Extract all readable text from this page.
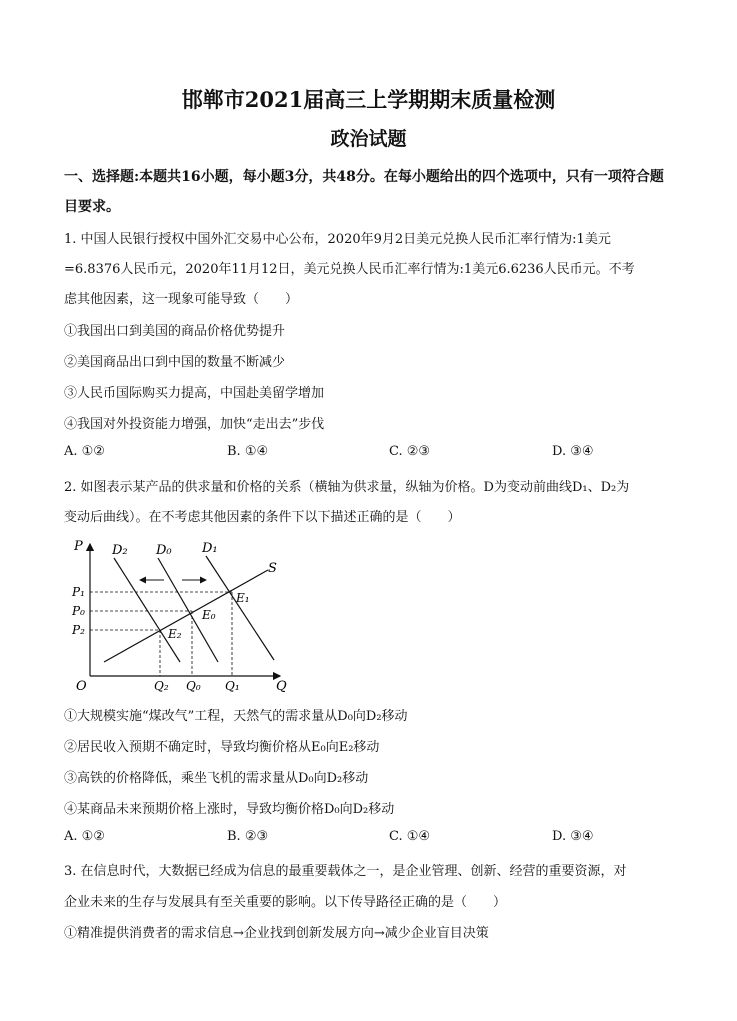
邯郸市2021届高三上学期期末质量检测
政治试题
一、选择题:本题共16小题，每小题3分，共48分。在每小题给出的四个选项中，只有一项符合题
目要求。
1. 中国人民银行授权中国外汇交易中心公布，2020年9月2日美元兑换人民币汇率行情为:1美元
=6.8376人民币元，2020年11月12日，美元兑换人民币汇率行情为:1美元6.6236人民币元。不考
虑其他因素，这一现象可能导致（　　）
①我国出口到美国的商品价格优势提升
②美国商品出口到中国的数量不断减少
③人民币国际购买力提高，中国赴美留学增加
④我国对外投资能力增强，加快“走出去”步伐
A. ①②	B. ①④	C. ②③	D. ③④
2. 如图表示某产品的供求量和价格的关系（横轴为供求量，纵轴为价格。D为变动前曲线D₁、D₂为
变动后曲线）。在不考虑其他因素的条件下以下描述正确的是（　　）
P
Q
O
S
D₂ D₀ D₁
P₁
P₀
P₂
E₁
E₀
E₂
Q₂ Q₀ Q₁
①大规模实施“煤改气”工程，天然气的需求量从D₀向D₂移动
②居民收入预期不确定时，导致均衡价格从E₀向E₂移动
③高铁的价格降低，乘坐飞机的需求量从D₀向D₂移动
④某商品未来预期价格上涨时，导致均衡价格D₀向D₂移动
A. ①②	B. ②③	C. ①④	D. ③④
3. 在信息时代，大数据已经成为信息的最重要载体之一，是企业管理、创新、经营的重要资源，对
企业未来的生存与发展具有至关重要的影响。以下传导路径正确的是（　　）
①精准提供消费者的需求信息→企业找到创新发展方向→减少企业盲目决策
